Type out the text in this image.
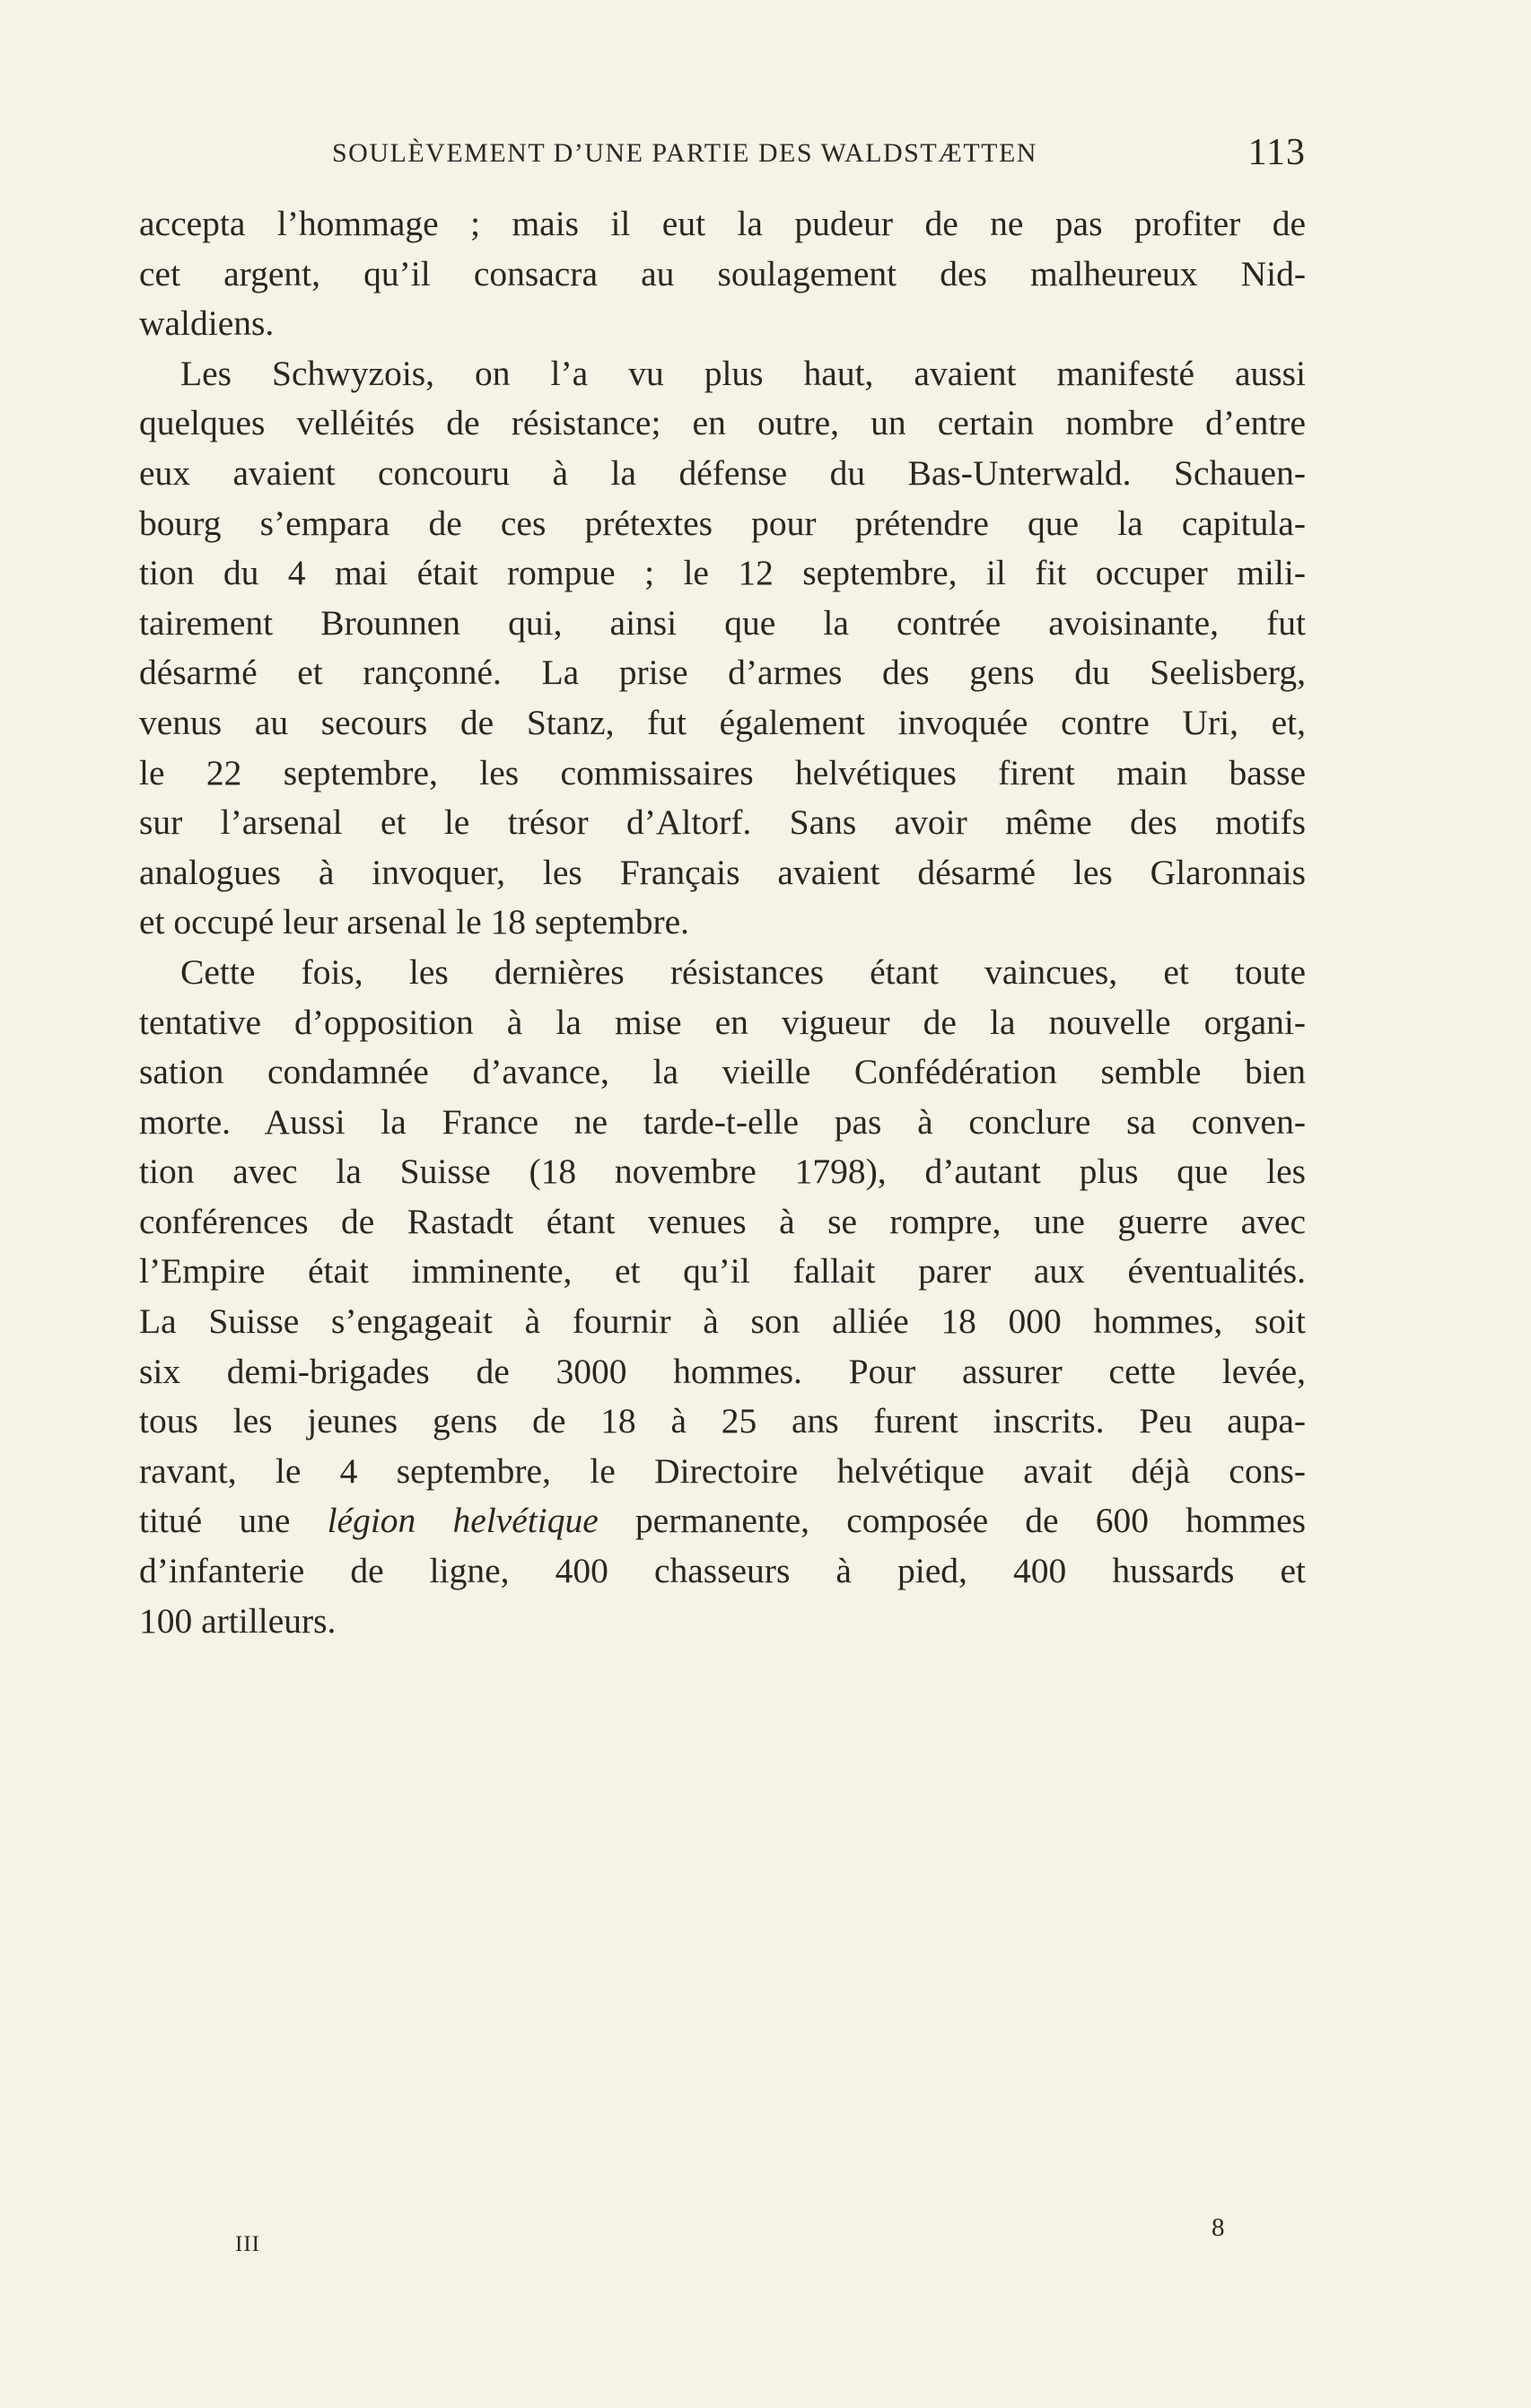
SOULÈVEMENT D’UNE PARTIE DES WALDSTÆTTEN	113
accepta l’hommage ; mais il eut la pudeur de ne pas profiter de
cet argent, qu’il consacra au soulagement des malheureux Nid-
waldiens.
Les Schwyzois, on l’a vu plus haut, avaient manifesté aussi
quelques velléités de résistance; en outre, un certain nombre d’entre
eux avaient concouru à la défense du Bas-Unterwald. Schauen-
bourg s’empara de ces prétextes pour prétendre que la capitula-
tion du 4 mai était rompue ; le 12 septembre, il fit occuper mili-
tairement Brounnen qui, ainsi que la contrée avoisinante, fut
désarmé et rançonné. La prise d’armes des gens du Seelisberg,
venus au secours de Stanz, fut également invoquée contre Uri, et,
le 22 septembre, les commissaires helvétiques firent main basse
sur l’arsenal et le trésor d’Altorf. Sans avoir même des motifs
analogues à invoquer, les Français avaient désarmé les Glaronnais
et occupé leur arsenal le 18 septembre.
Cette fois, les dernières résistances étant vaincues, et toute
tentative d’opposition à la mise en vigueur de la nouvelle organi-
sation condamnée d’avance, la vieille Confédération semble bien
morte. Aussi la France ne tarde-t-elle pas à conclure sa conven-
tion avec la Suisse (18 novembre 1798), d’autant plus que les
conférences de Rastadt étant venues à se rompre, une guerre avec
l’Empire était imminente, et qu’il fallait parer aux éventualités.
La Suisse s’engageait à fournir à son alliée 18 000 hommes, soit
six demi-brigades de 3000 hommes. Pour assurer cette levée,
tous les jeunes gens de 18 à 25 ans furent inscrits. Peu aupa-
ravant, le 4 septembre, le Directoire helvétique avait déjà cons-
titué une légion helvétique permanente, composée de 600 hommes
d’infanterie de ligne, 400 chasseurs à pied, 400 hussards et
100 artilleurs.
III
8
